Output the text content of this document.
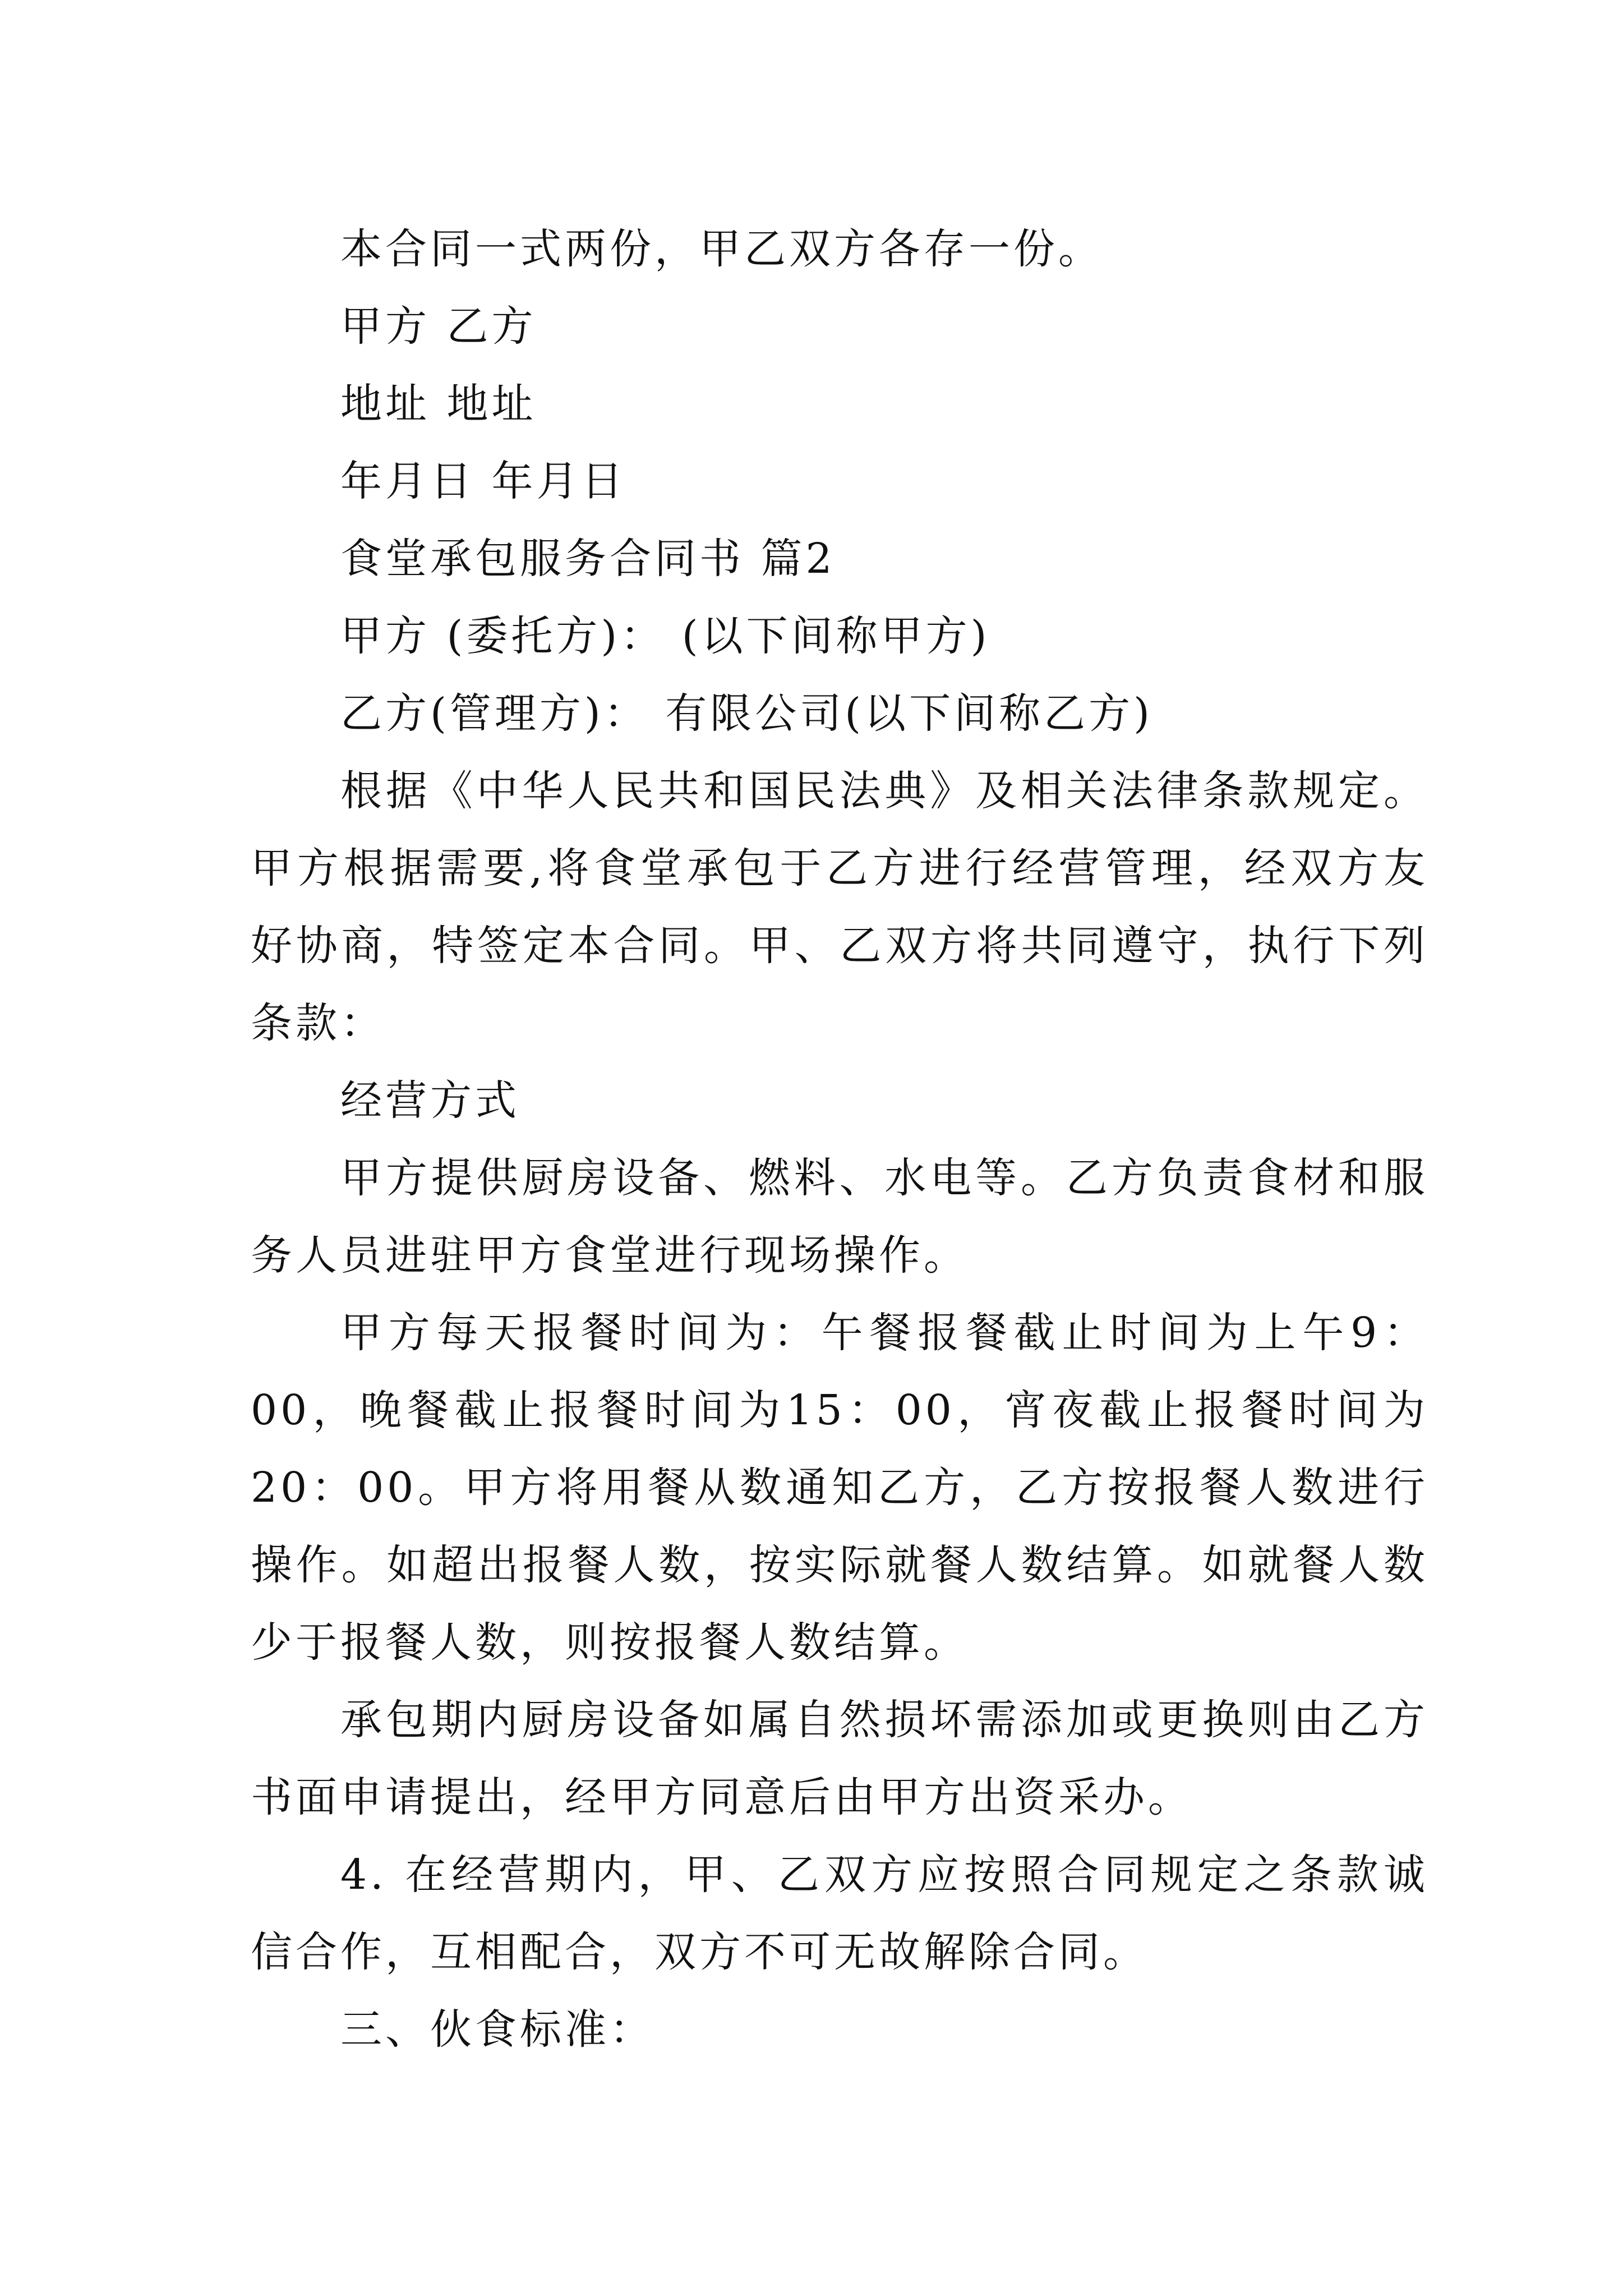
本合同一式两份，甲乙双方各存一份。

甲方 乙方

地址 地址

年月日 年月日

食堂承包服务合同书 篇2

甲方 (委托方)： (以下间称甲方)

乙方(管理方)： 有限公司(以下间称乙方)

根据《中华人民共和国民法典》及相关法律条款规定。甲方根据需要,将食堂承包于乙方进行经营管理，经双方友好协商，特签定本合同。甲、乙双方将共同遵守，执行下列条款：

经营方式

甲方提供厨房设备、燃料、水电等。乙方负责食材和服务人员进驻甲方食堂进行现场操作。

甲方每天报餐时间为：午餐报餐截止时间为上午9：00，晚餐截止报餐时间为15：00，宵夜截止报餐时间为20：00。甲方将用餐从数通知乙方，乙方按报餐人数进行操作。如超出报餐人数，按实际就餐人数结算。如就餐人数少于报餐人数，则按报餐人数结算。

承包期内厨房设备如属自然损坏需添加或更换则由乙方书面申请提出，经甲方同意后由甲方出资采办。

4. 在经营期内，甲、乙双方应按照合同规定之条款诚信合作，互相配合，双方不可无故解除合同。

三、伙食标准：
